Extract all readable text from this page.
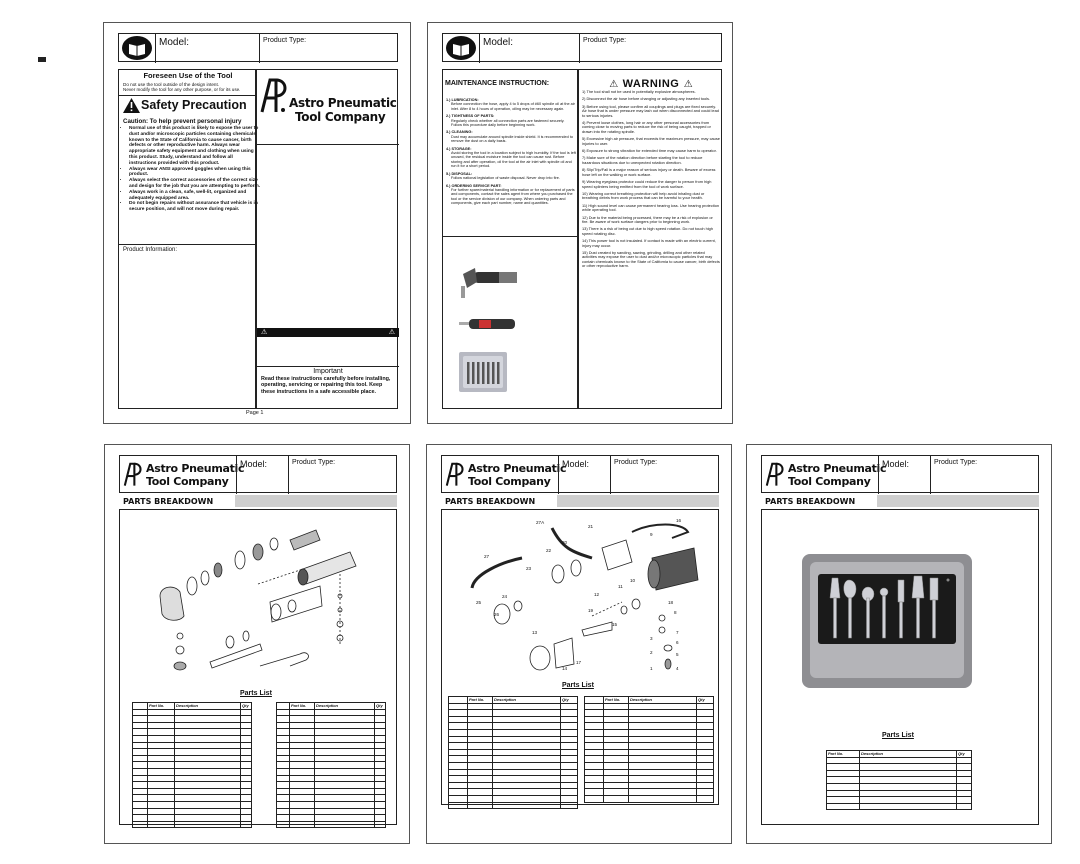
Model:	Product Type:
Foreseen Use of the Tool
Do not use the tool outside of the design intent.
Never modify the tool for any other purpose, or for its use.
Safety Precaution
Caution: To help prevent personal injury
• Normal use of this product is likely to expose the user to dust and/or microscopic particles containing chemicals known to the State of California to cause cancer, birth defects or other reproductive harm. Always wear appropriate safety equipment and clothing when using this product. Study, understand and follow all instructions provided with this product.
• Always wear ANSI approved goggles when using this product.
• Always select the correct accessories of the correct size and design for the job that you are attempting to perform.
• Always work in a clean, safe, well-lit, organized and adequately equipped area.
• Do not begin repairs without assurance that vehicle is in secure position, and will not move during repair.
Product Information:
Astro Pneumatic
Tool Company
⚠	⚠
Important
Read these instructions carefully before installing, operating, servicing or repairing this tool. Keep these instructions in a safe accessible place.
Page 1
Model:	Product Type:
MAINTENANCE INSTRUCTION:
1.) LUBRICATION:
Before connection the hose, apply 4 to 5 drops of #60 spindle oil at the air inlet. After 8 to 4 hours of operation, oiling may be necessary again.
2.) TIGHTNESS OF PARTS:
Regularly check whether all connection parts are fastened securely. Follow this procedure daily before beginning work.
3.) CLEANING:
Dust may accumulate around spindle inside shield. It is recommended to remove the dust on a daily basis.
4.) STORAGE:
Avoid storing the tool in a location subject to high humidity. If the tool is left unused, the residual moisture inside the tool can cause rust. Before storing and after operation, oil the tool at the air inlet with spindle oil and run it for a short period.
5.) DISPOSAL:
Follow national legislation of waste disposal. Never drop into fire.
6.) ORDERING SERVICE PART:
For further spare/material handling information or for replacement of parts and components, contact the sales agent from where you purchased the tool or the service division of our company. When ordering parts and components, give each part number, name and quantities.
⚠ WARNING ⚠
1) The tool shall not be used in potentially explosive atmospheres.
2) Disconnect the air hose before changing or adjusting any inserted tools.
3) Before using tool, please confirm all couplings and plugs are fixed securely. Air hose that is under pressure may lash out when disconnected and could lead to serious injuries.
4) Prevent loose clothes, long hair or any other personal accessories from coming close to moving parts to reduce the risk of being caught, trapped or drawn into the rotating spindle.
5) Excessive high air pressure, that exceeds the maximum pressure, may cause injuries to user.
6) Exposure to strong vibration for extended time may cause harm to operator.
7) Make sure of the rotation direction before starting the tool to reduce hazardous situations due to unexpected rotation direction.
8) Slip/Trip/Fall is a major reason of serious injury or death. Beware of excess hose left on the walking or work surface.
9) Wearing eyeglass protector could reduce the danger to person from high speed splinters being emitted from the tool of work surface.
10) Wearing correct breathing protection will help avoid inhaling dust or breathing debris from work process that can be harmful to your health.
11) High sound level can cause permanent hearing loss. Use hearing protection while operating tool.
12) Due to the material being processed, there may be a risk of explosion or fire. Be aware of work surface dangers prior to beginning work.
13) There is a risk of being cut due to high speed rotation. Do not touch high speed rotating disc.
14) This power tool is not insulated. If contact is made with an electric current, injury may occur.
15) Dust created by sanding, sawing, grinding, drilling and other related activities may expose the user to dust and/or microscopic particles that may contain chemicals known to the State of California to cause cancer, birth defects or other reproductive harm.
Astro Pneumatic
Tool Company
Model:	Product Type:
PARTS BREAKDOWN
Parts List
	Part No.	Description	Qty

		Part No.	Description	Qty

Astro Pneumatic
Tool Company
Model:	Product Type:
PARTS BREAKDOWN
27
27A
21
20
16
25
24
23
22
19
18
17
15
13
12
11
10
9
8
7
6
5
4
3
2
1
14
26
Parts List
	Part No.	Description	Qty

		Part No.	Description	Qty

Astro Pneumatic
Tool Company
Model:	Product Type:
PARTS BREAKDOWN
Parts List
Part No.	Description	Qty
